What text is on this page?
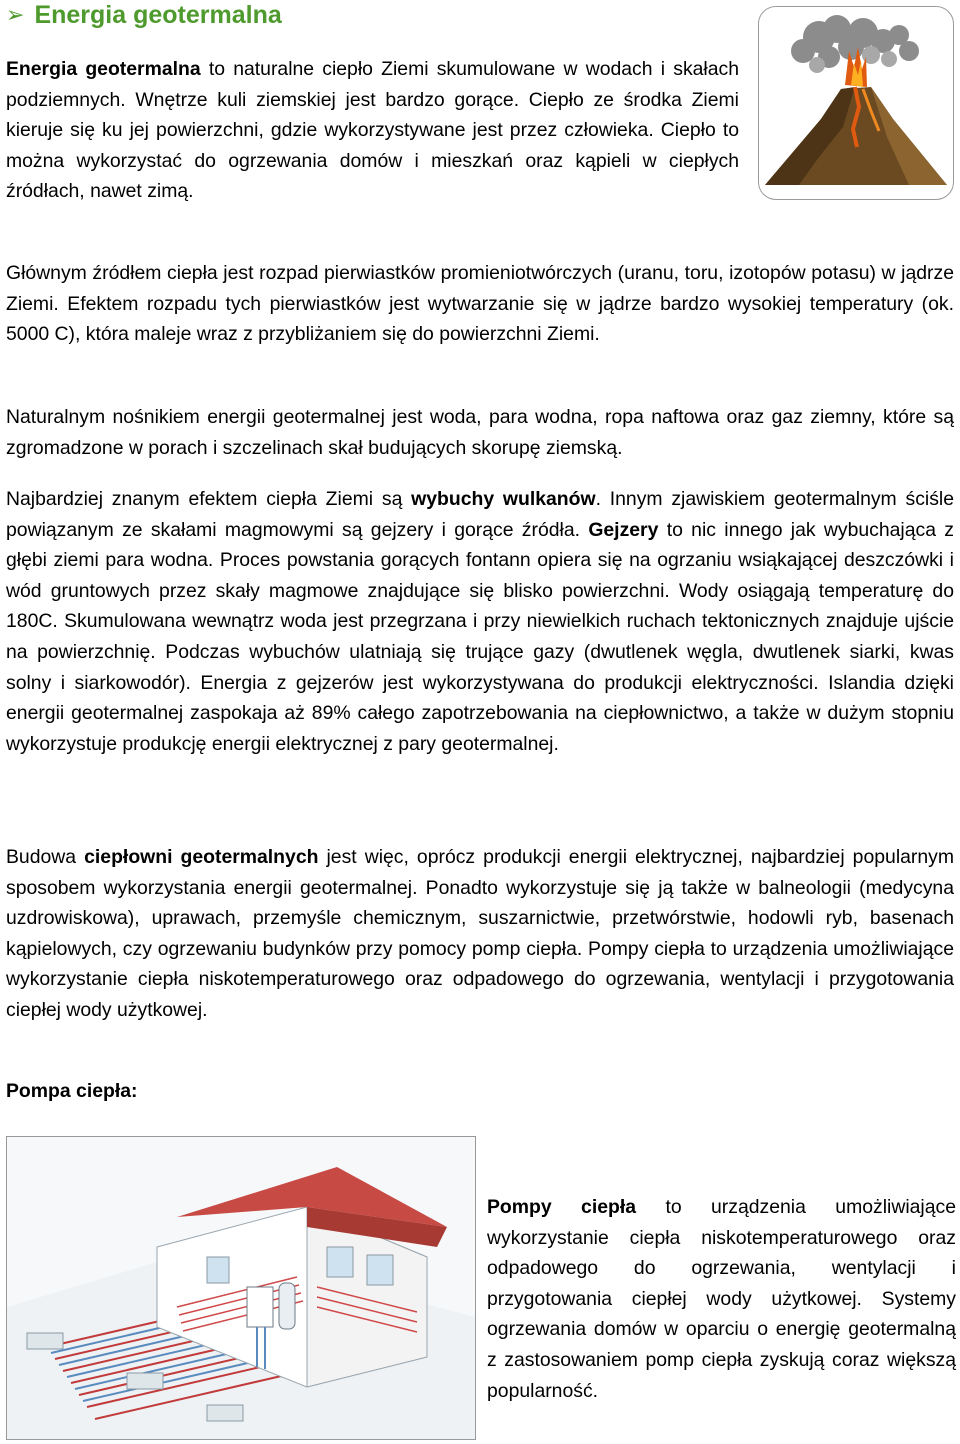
➢ Energia geotermalna

Energia geotermalna to naturalne ciepło Ziemi skumulowane w wodach i skałach podziemnych. Wnętrze kuli ziemskiej jest bardzo gorące. Ciepło ze środka Ziemi kieruje się ku jej powierzchni, gdzie wykorzystywane jest przez człowieka. Ciepło to można wykorzystać do ogrzewania domów i mieszkań oraz kąpieli w ciepłych źródłach, nawet zimą.

Głównym źródłem ciepła jest rozpad pierwiastków promieniotwórczych (uranu, toru, izotopów potasu) w jądrze Ziemi. Efektem rozpadu tych pierwiastków jest wytwarzanie się w jądrze bardzo wysokiej temperatury (ok. 5000 C), która maleje wraz z przybliżaniem się do powierzchni Ziemi.

Naturalnym nośnikiem energii geotermalnej jest woda, para wodna, ropa naftowa oraz gaz ziemny, które są zgromadzone w porach i szczelinach skał budujących skorupę ziemską.

Najbardziej znanym efektem ciepła Ziemi są wybuchy wulkanów. Innym zjawiskiem geotermalnym ściśle powiązanym ze skałami magmowymi są gejzery i gorące źródła. Gejzery to nic innego jak wybuchająca z głębi ziemi para wodna. Proces powstania gorących fontann opiera się na ogrzaniu wsiąkającej deszczówki i wód gruntowych przez skały magmowe znajdujące się blisko powierzchni. Wody osiągają temperaturę do 180C. Skumulowana wewnątrz woda jest przegrzana i przy niewielkich ruchach tektonicznych znajduje ujście na powierzchnię. Podczas wybuchów ulatniają się trujące gazy (dwutlenek węgla, dwutlenek siarki, kwas solny i siarkowodór). Energia z gejzerów jest wykorzystywana do produkcji elektryczności. Islandia dzięki energii geotermalnej zaspokaja aż 89% całego zapotrzebowania na ciepłownictwo, a także w dużym stopniu wykorzystuje produkcję energii elektrycznej z pary geotermalnej.

Budowa ciepłowni geotermalnych jest więc, oprócz produkcji energii elektrycznej, najbardziej popularnym sposobem wykorzystania energii geotermalnej. Ponadto wykorzystuje się ją także w balneologii (medycyna uzdrowiskowa), uprawach, przemyśle chemicznym, suszarnictwie, przetwórstwie, hodowli ryb, basenach kąpielowych, czy ogrzewaniu budynków przy pomocy pomp ciepła. Pompy ciepła to urządzenia umożliwiające wykorzystanie ciepła niskotemperaturowego oraz odpadowego do ogrzewania, wentylacji i przygotowania ciepłej wody użytkowej.

Pompa ciepła:

Pompy ciepła to urządzenia umożliwiające wykorzystanie ciepła niskotemperaturowego oraz odpadowego do ogrzewania, wentylacji i przygotowania ciepłej wody użytkowej. Systemy ogrzewania domów w oparciu o energię geotermalną z zastosowaniem pomp ciepła zyskują coraz większą popularność.
